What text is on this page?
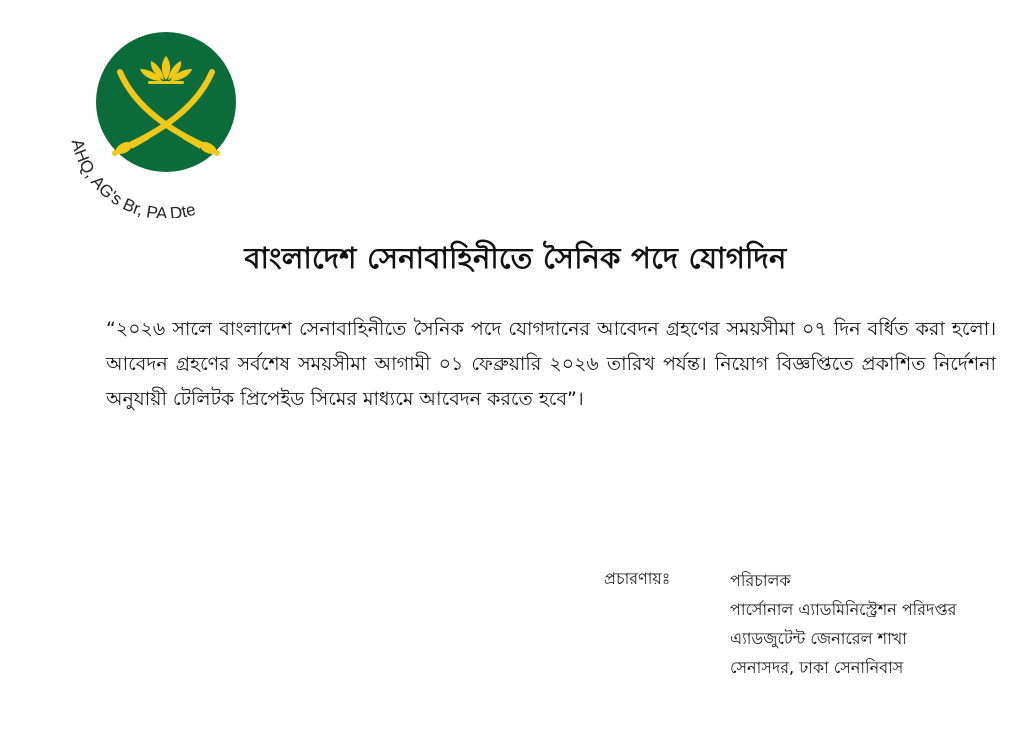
AHQ, AG's Br, PA Dte
বাংলাদেশ সেনাবাহিনীতে সৈনিক পদে যোগদিন

“২০২৬ সালে বাংলাদেশ সেনাবাহিনীতে সৈনিক পদে যোগদানের আবেদন গ্রহণের সময়সীমা ০৭ দিন বর্ধিত করা হলো। আবেদন গ্রহণের সর্বশেষ সময়সীমা আগামী ০১ ফেব্রুয়ারি ২০২৬ তারিখ পর্যন্ত। নিয়োগ বিজ্ঞপ্তিতে প্রকাশিত নির্দেশনা অনুযায়ী টেলিটক প্রিপেইড সিমের মাধ্যমে আবেদন করতে হবে”।

প্রচারণায়ঃ	পরিচালক
পার্সোনাল এ্যাডমিনিস্ট্রেশন পরিদপ্তর
এ্যাডজুটেন্ট জেনারেল শাখা
সেনাসদর, ঢাকা সেনানিবাস
